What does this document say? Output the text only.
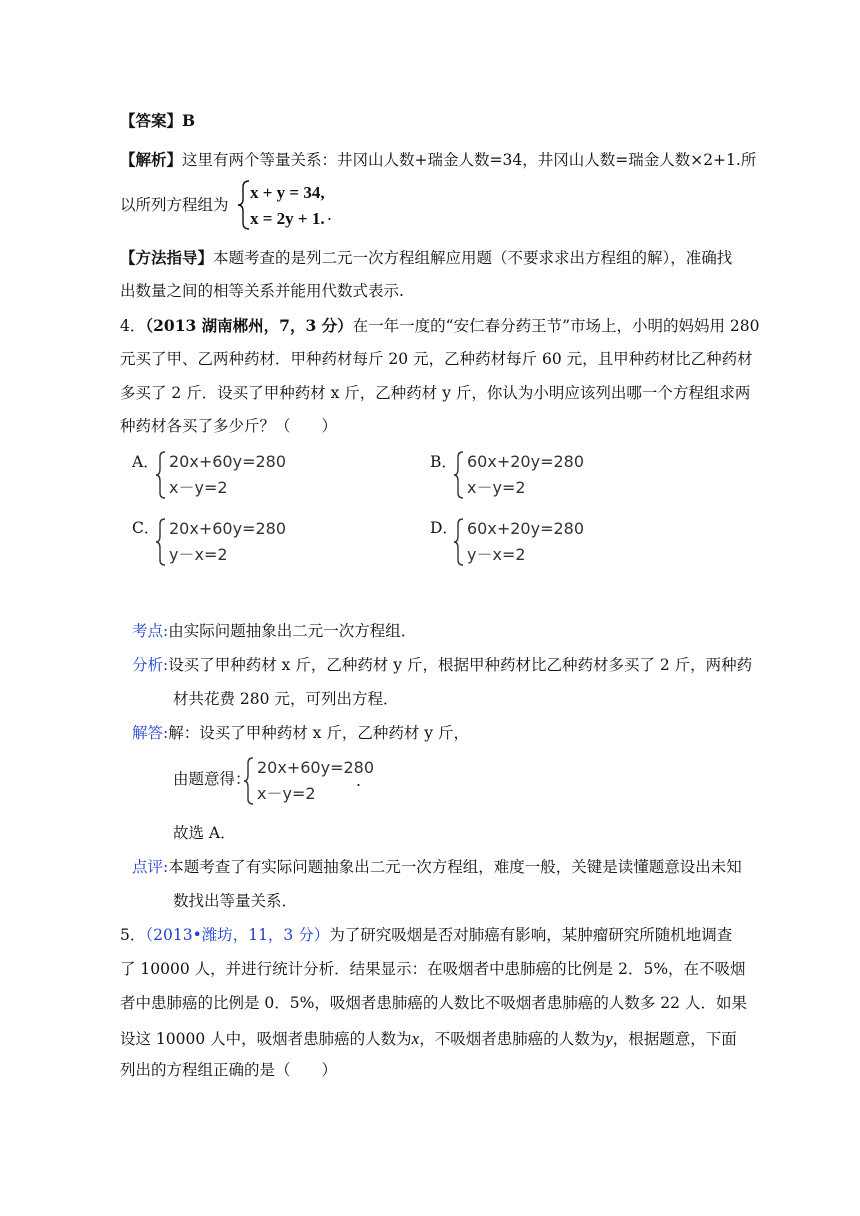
【答案】B
【解析】这里有两个等量关系：井冈山人数+瑞金人数=34，井冈山人数=瑞金人数×2+1.所
以所列方程组为
x + y = 34,
x = 2y + 1. .
【方法指导】本题考查的是列二元一次方程组解应用题（不要求求出方程组的解），准确找
出数量之间的相等关系并能用代数式表示.
4．（2013 湖南郴州，7，3 分）在一年一度的“安仁春分药王节”市场上，小明的妈妈用 280
元买了甲、乙两种药材．甲种药材每斤 20 元，乙种药材每斤 60 元，且甲种药材比乙种药材
多买了 2 斤．设买了甲种药材 x 斤，乙种药材 y 斤，你认为小明应该列出哪一个方程组求两
种药材各买了多少斤？（　　）
A． 20x+60y=280
x－y=2
B． 60x+20y=280
x－y=2
C． 20x+60y=280
y－x=2
D． 60x+20y=280
y－x=2
考点:由实际问题抽象出二元一次方程组．
分析:设买了甲种药材 x 斤，乙种药材 y 斤，根据甲种药材比乙种药材多买了 2 斤，两种药
材共花费 280 元，可列出方程．
解答:解：设买了甲种药材 x 斤，乙种药材 y 斤，
由题意得：
20x+60y=280
x－y=2
.
故选 A．
点评:本题考查了有实际问题抽象出二元一次方程组，难度一般，关键是读懂题意设出未知
数找出等量关系．
5．（2013•潍坊，11，3 分）为了研究吸烟是否对肺癌有影响，某肿瘤研究所随机地调查
了 10000 人，并进行统计分析．结果显示：在吸烟者中患肺癌的比例是 2．5%，在不吸烟
者中患肺癌的比例是 0．5%，吸烟者患肺癌的人数比不吸烟者患肺癌的人数多 22 人．如果
设这 10000 人中，吸烟者患肺癌的人数为x，不吸烟者患肺癌的人数为y，根据题意，下面
列出的方程组正确的是（　　）
